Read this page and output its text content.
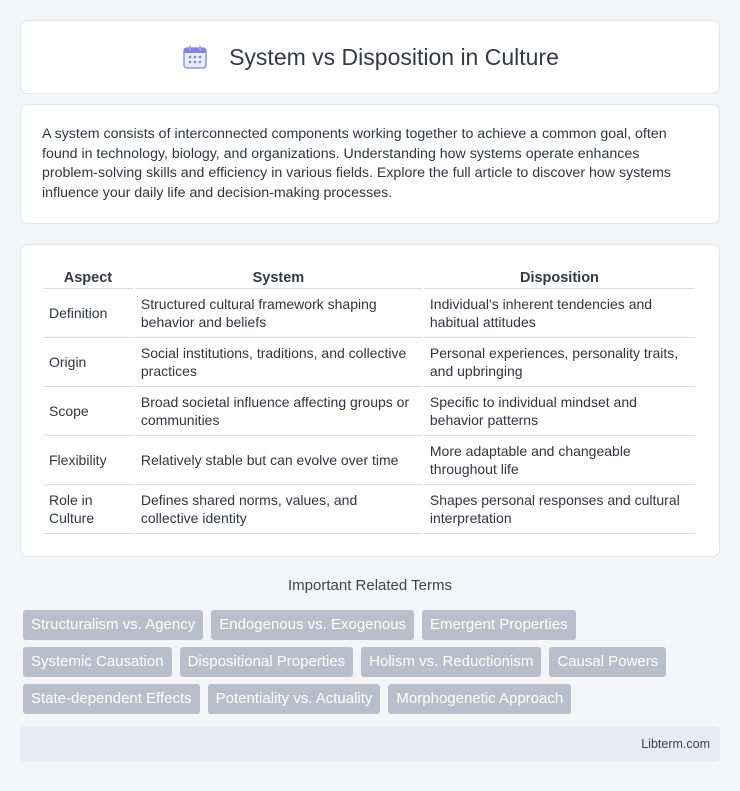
System vs Disposition in Culture

A system consists of interconnected components working together to achieve a common goal, often found in technology, biology, and organizations. Understanding how systems operate enhances problem-solving skills and efficiency in various fields. Explore the full article to discover how systems influence your daily life and decision-making processes.

Aspect	System	Disposition
Definition	Structured cultural framework shaping behavior and beliefs	Individual's inherent tendencies and habitual attitudes
Origin	Social institutions, traditions, and collective practices	Personal experiences, personality traits, and upbringing
Scope	Broad societal influence affecting groups or communities	Specific to individual mindset and behavior patterns
Flexibility	Relatively stable but can evolve over time	More adaptable and changeable throughout life
Role in Culture	Defines shared norms, values, and collective identity	Shapes personal responses and cultural interpretation
Important Related Terms
Structuralism vs. Agency	Endogenous vs. Exogenous	Emergent Properties
Systemic Causation	Dispositional Properties	Holism vs. Reductionism	Causal Powers
State-dependent Effects	Potentiality vs. Actuality	Morphogenetic Approach
Libterm.com
